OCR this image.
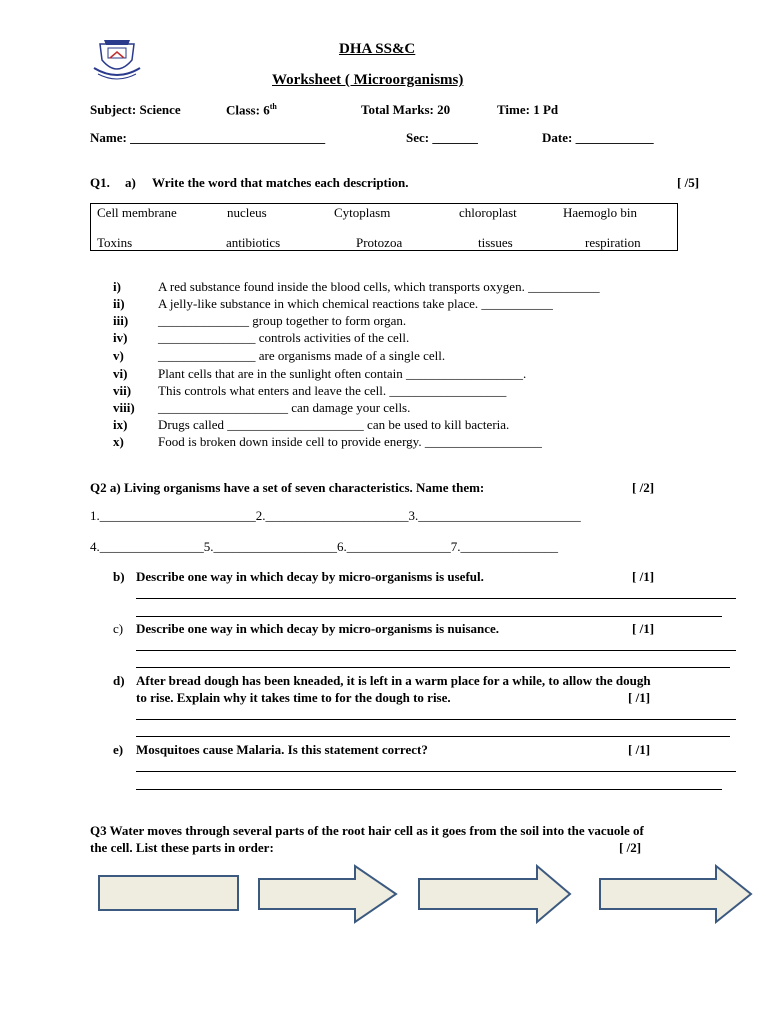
DHA SS&C
Worksheet ( Microorganisms)
Subject: Science	Class: 6th	Total Marks: 20	Time: 1 Pd
Name: ______________________________	Sec: _______	Date: ____________
Q1. a) Write the word that matches each description.	[ /5]
Cell membrane	nucleus	Cytoplasm	chloroplast	Haemoglo bin
Toxins	antibiotics	Protozoa	tissues	respiration
i)	A red substance found inside the blood cells, which transports oxygen. ___________
ii)	A jelly-like substance in which chemical reactions take place. ___________
iii) ______________ group together to form organ.
iv) _______________ controls activities of the cell.
v)	_______________ are organisms made of a single cell.
vi) Plant cells that are in the sunlight often contain __________________.
vii) This controls what enters and leave the cell. __________________
viii) ____________________ can damage your cells.
ix) Drugs called _____________________ can be used to kill bacteria.
x)	Food is broken down inside cell to provide energy. __________________
Q2 a) Living organisms have a set of seven characteristics. Name them:	[ /2]
1.________________________2.______________________3._________________________
4.________________5.___________________6.________________7._______________
b) Describe one way in which decay by micro-organisms is useful.	[ /1]
c) Describe one way in which decay by micro-organisms is nuisance.	[ /1]
d) After bread dough has been kneaded, it is left in a warm place for a while, to allow the dough
to rise. Explain why it takes time to for the dough to rise.	[ /1]
e) Mosquitoes cause Malaria. Is this statement correct?	[ /1]
Q3 Water moves through several parts of the root hair cell as it goes from the soil into the vacuole of
the cell. List these parts in order:	[ /2]
